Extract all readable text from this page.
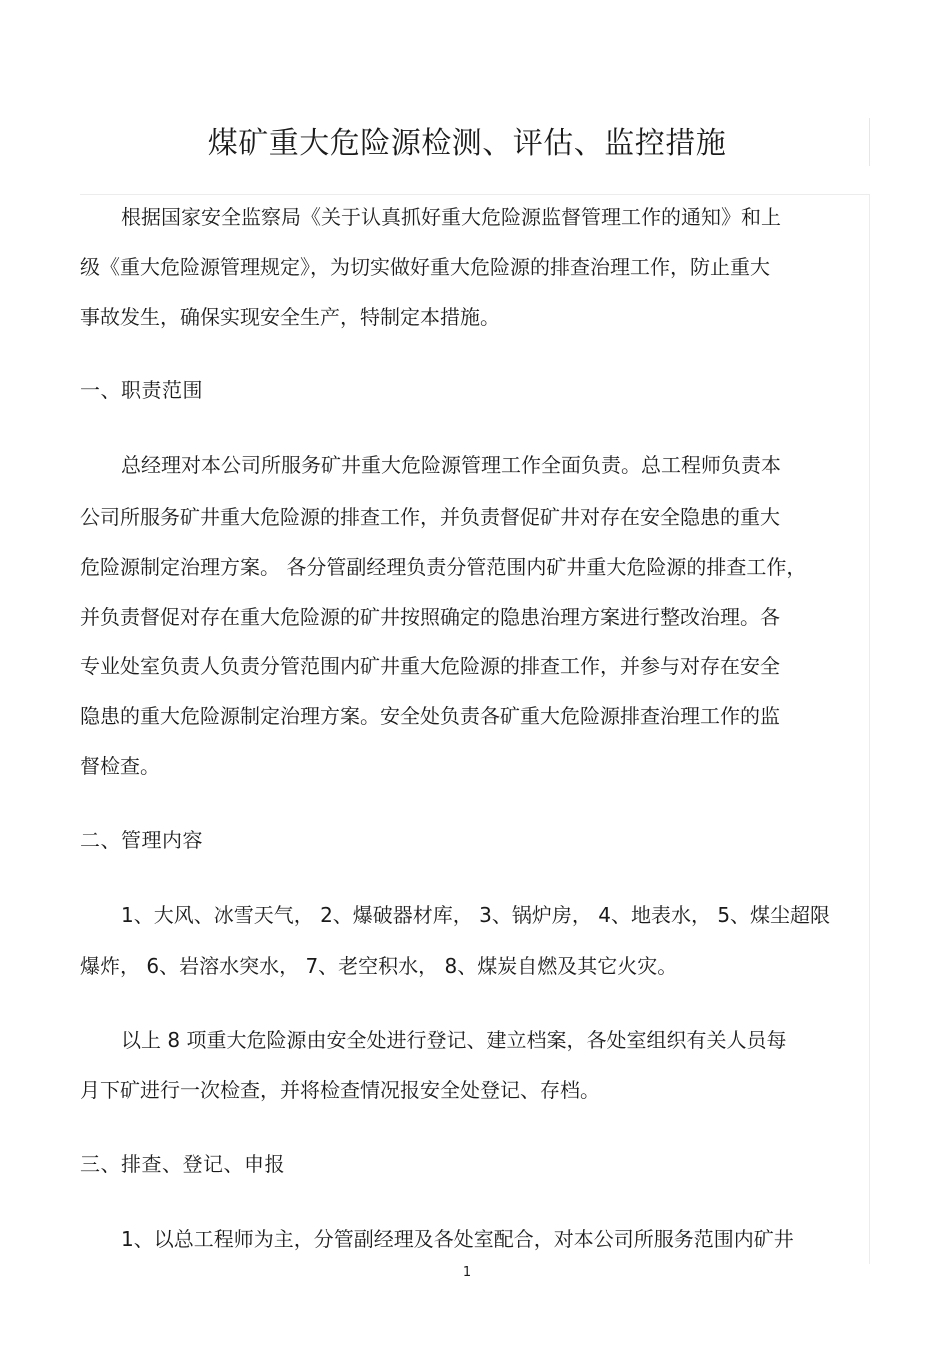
煤矿重大危险源检测、评估、监控措施

根据国家安全监察局《关于认真抓好重大危险源监督管理工作的通知》和上

级《重大危险源管理规定》，为切实做好重大危险源的排查治理工作，防止重大

事故发生，确保实现安全生产，特制定本措施。

一、职责范围

总经理对本公司所服务矿井重大危险源管理工作全面负责。总工程师负责本

公司所服务矿井重大危险源的排查工作，并负责督促矿井对存在安全隐患的重大

危险源制定治理方案。 各分管副经理负责分管范围内矿井重大危险源的排查工作，

并负责督促对存在重大危险源的矿井按照确定的隐患治理方案进行整改治理。各

专业处室负责人负责分管范围内矿井重大危险源的排查工作，并参与对存在安全

隐患的重大危险源制定治理方案。安全处负责各矿重大危险源排查治理工作的监

督检查。

二、管理内容

1、大风、冰雪天气， 2、爆破器材库， 3、锅炉房， 4、地表水， 5、煤尘超限

爆炸， 6、岩溶水突水， 7、老空积水， 8、煤炭自燃及其它火灾。

以上 8 项重大危险源由安全处进行登记、建立档案，各处室组织有关人员每

月下矿进行一次检查，并将检查情况报安全处登记、存档。

三、排查、登记、申报

1、以总工程师为主，分管副经理及各处室配合，对本公司所服务范围内矿井

1
